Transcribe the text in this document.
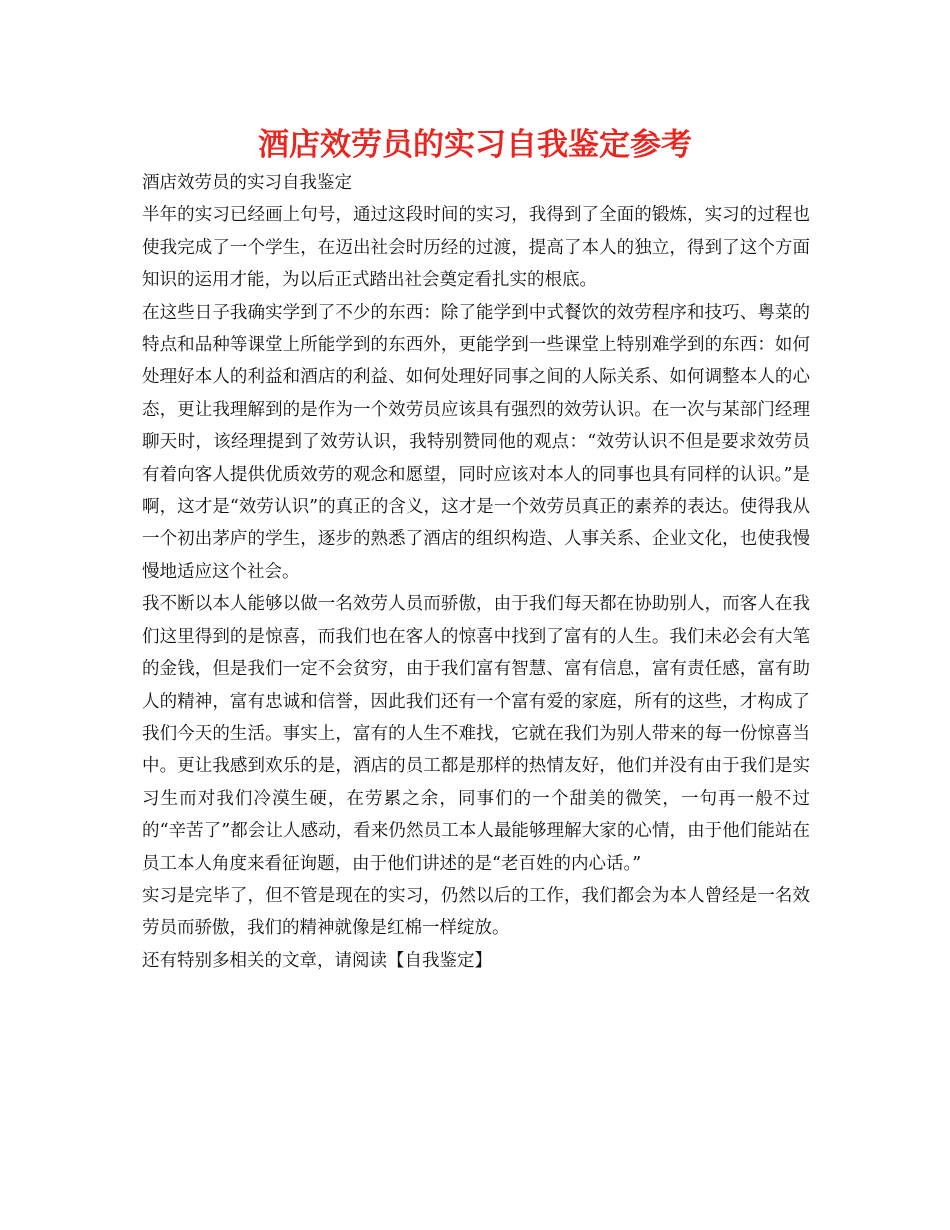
酒店效劳员的实习自我鉴定参考

酒店效劳员的实习自我鉴定

半年的实习已经画上句号，通过这段时间的实习，我得到了全面的锻炼，实习的过程也使我完成了一个学生，在迈出社会时历经的过渡，提高了本人的独立，得到了这个方面知识的运用才能，为以后正式踏出社会奠定看扎实的根底。

在这些日子我确实学到了不少的东西：除了能学到中式餐饮的效劳程序和技巧、粤菜的特点和品种等课堂上所能学到的东西外，更能学到一些课堂上特别难学到的东西：如何处理好本人的利益和酒店的利益、如何处理好同事之间的人际关系、如何调整本人的心态，更让我理解到的是作为一个效劳员应该具有强烈的效劳认识。在一次与某部门经理聊天时，该经理提到了效劳认识，我特别赞同他的观点：“效劳认识不但是要求效劳员有着向客人提供优质效劳的观念和愿望，同时应该对本人的同事也具有同样的认识。”是啊，这才是“效劳认识”的真正的含义，这才是一个效劳员真正的素养的表达。使得我从一个初出茅庐的学生，逐步的熟悉了酒店的组织构造、人事关系、企业文化，也使我慢慢地适应这个社会。

我不断以本人能够以做一名效劳人员而骄傲，由于我们每天都在协助别人，而客人在我们这里得到的是惊喜，而我们也在客人的惊喜中找到了富有的人生。我们未必会有大笔的金钱，但是我们一定不会贫穷，由于我们富有智慧、富有信息，富有责任感，富有助人的精神，富有忠诚和信誉，因此我们还有一个富有爱的家庭，所有的这些，才构成了我们今天的生活。事实上，富有的人生不难找，它就在我们为别人带来的每一份惊喜当中。更让我感到欢乐的是，酒店的员工都是那样的热情友好，他们并没有由于我们是实习生而对我们冷漠生硬，在劳累之余，同事们的一个甜美的微笑，一句再一般不过的“辛苦了”都会让人感动，看来仍然员工本人最能够理解大家的心情，由于他们能站在员工本人角度来看征询题，由于他们讲述的是“老百姓的内心话。”

实习是完毕了，但不管是现在的实习，仍然以后的工作，我们都会为本人曾经是一名效劳员而骄傲，我们的精神就像是红棉一样绽放。

还有特别多相关的文章，请阅读【自我鉴定】
